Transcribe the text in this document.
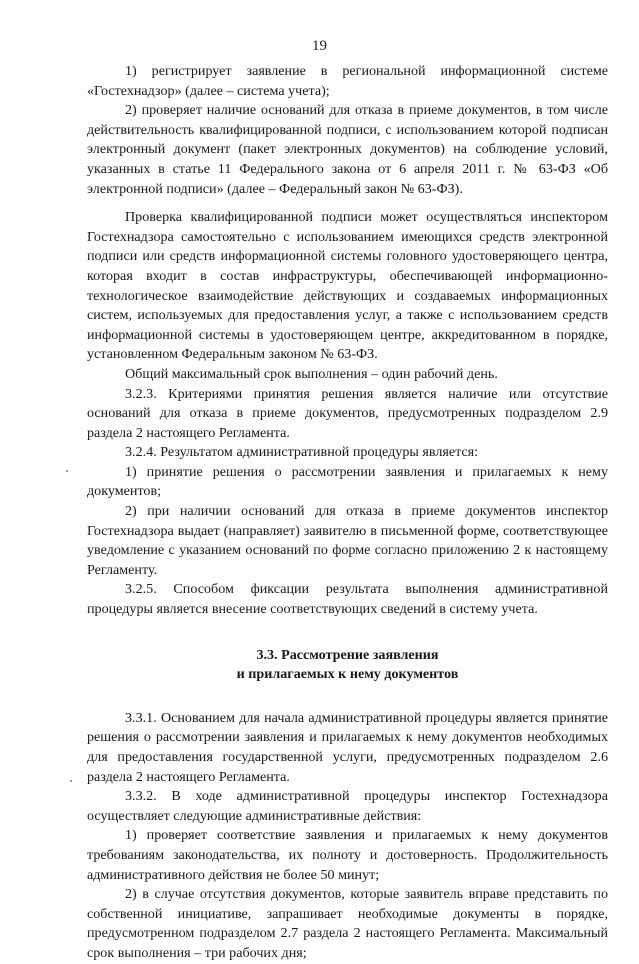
19

1) регистрирует заявление в региональной информационной системе «Гостехнадзор» (далее – система учета);

2) проверяет наличие оснований для отказа в приеме документов, в том числе действительность квалифицированной подписи, с использованием которой подписан электронный документ (пакет электронных документов) на соблюдение условий, указанных в статье 11 Федерального закона от 6 апреля 2011 г. № 63-ФЗ «Об электронной подписи» (далее – Федеральный закон № 63-ФЗ).

Проверка квалифицированной подписи может осуществляться инспектором Гостехнадзора самостоятельно с использованием имеющихся средств электронной подписи или средств информационной системы головного удостоверяющего центра, которая входит в состав инфраструктуры, обеспечивающей информационно-технологическое взаимодействие действующих и создаваемых информационных систем, используемых для предоставления услуг, а также с использованием средств информационной системы в удостоверяющем центре, аккредитованном в порядке, установленном Федеральным законом № 63-ФЗ.

Общий максимальный срок выполнения – один рабочий день.

3.2.3. Критериями принятия решения является наличие или отсутствие оснований для отказа в приеме документов, предусмотренных подразделом 2.9 раздела 2 настоящего Регламента.

3.2.4. Результатом административной процедуры является:

1) принятие решения о рассмотрении заявления и прилагаемых к нему документов;

2) при наличии оснований для отказа в приеме документов инспектор Гостехнадзора выдает (направляет) заявителю в письменной форме, соответствующее уведомление с указанием оснований по форме согласно приложению 2 к настоящему Регламенту.

3.2.5. Способом фиксации результата выполнения административной процедуры является внесение соответствующих сведений в систему учета.

3.3. Рассмотрение заявления
и прилагаемых к нему документов

3.3.1. Основанием для начала административной процедуры является принятие решения о рассмотрении заявления и прилагаемых к нему документов необходимых для предоставления государственной услуги, предусмотренных подразделом 2.6 раздела 2 настоящего Регламента.

3.3.2. В ходе административной процедуры инспектор Гостехнадзора осуществляет следующие административные действия:

1) проверяет соответствие заявления и прилагаемых к нему документов требованиям законодательства, их полноту и достоверность. Продолжительность административного действия не более 50 минут;

2) в случае отсутствия документов, которые заявитель вправе представить по собственной инициативе, запрашивает необходимые документы в порядке, предусмотренном подразделом 2.7 раздела 2 настоящего Регламента. Максимальный срок выполнения – три рабочих дня;
